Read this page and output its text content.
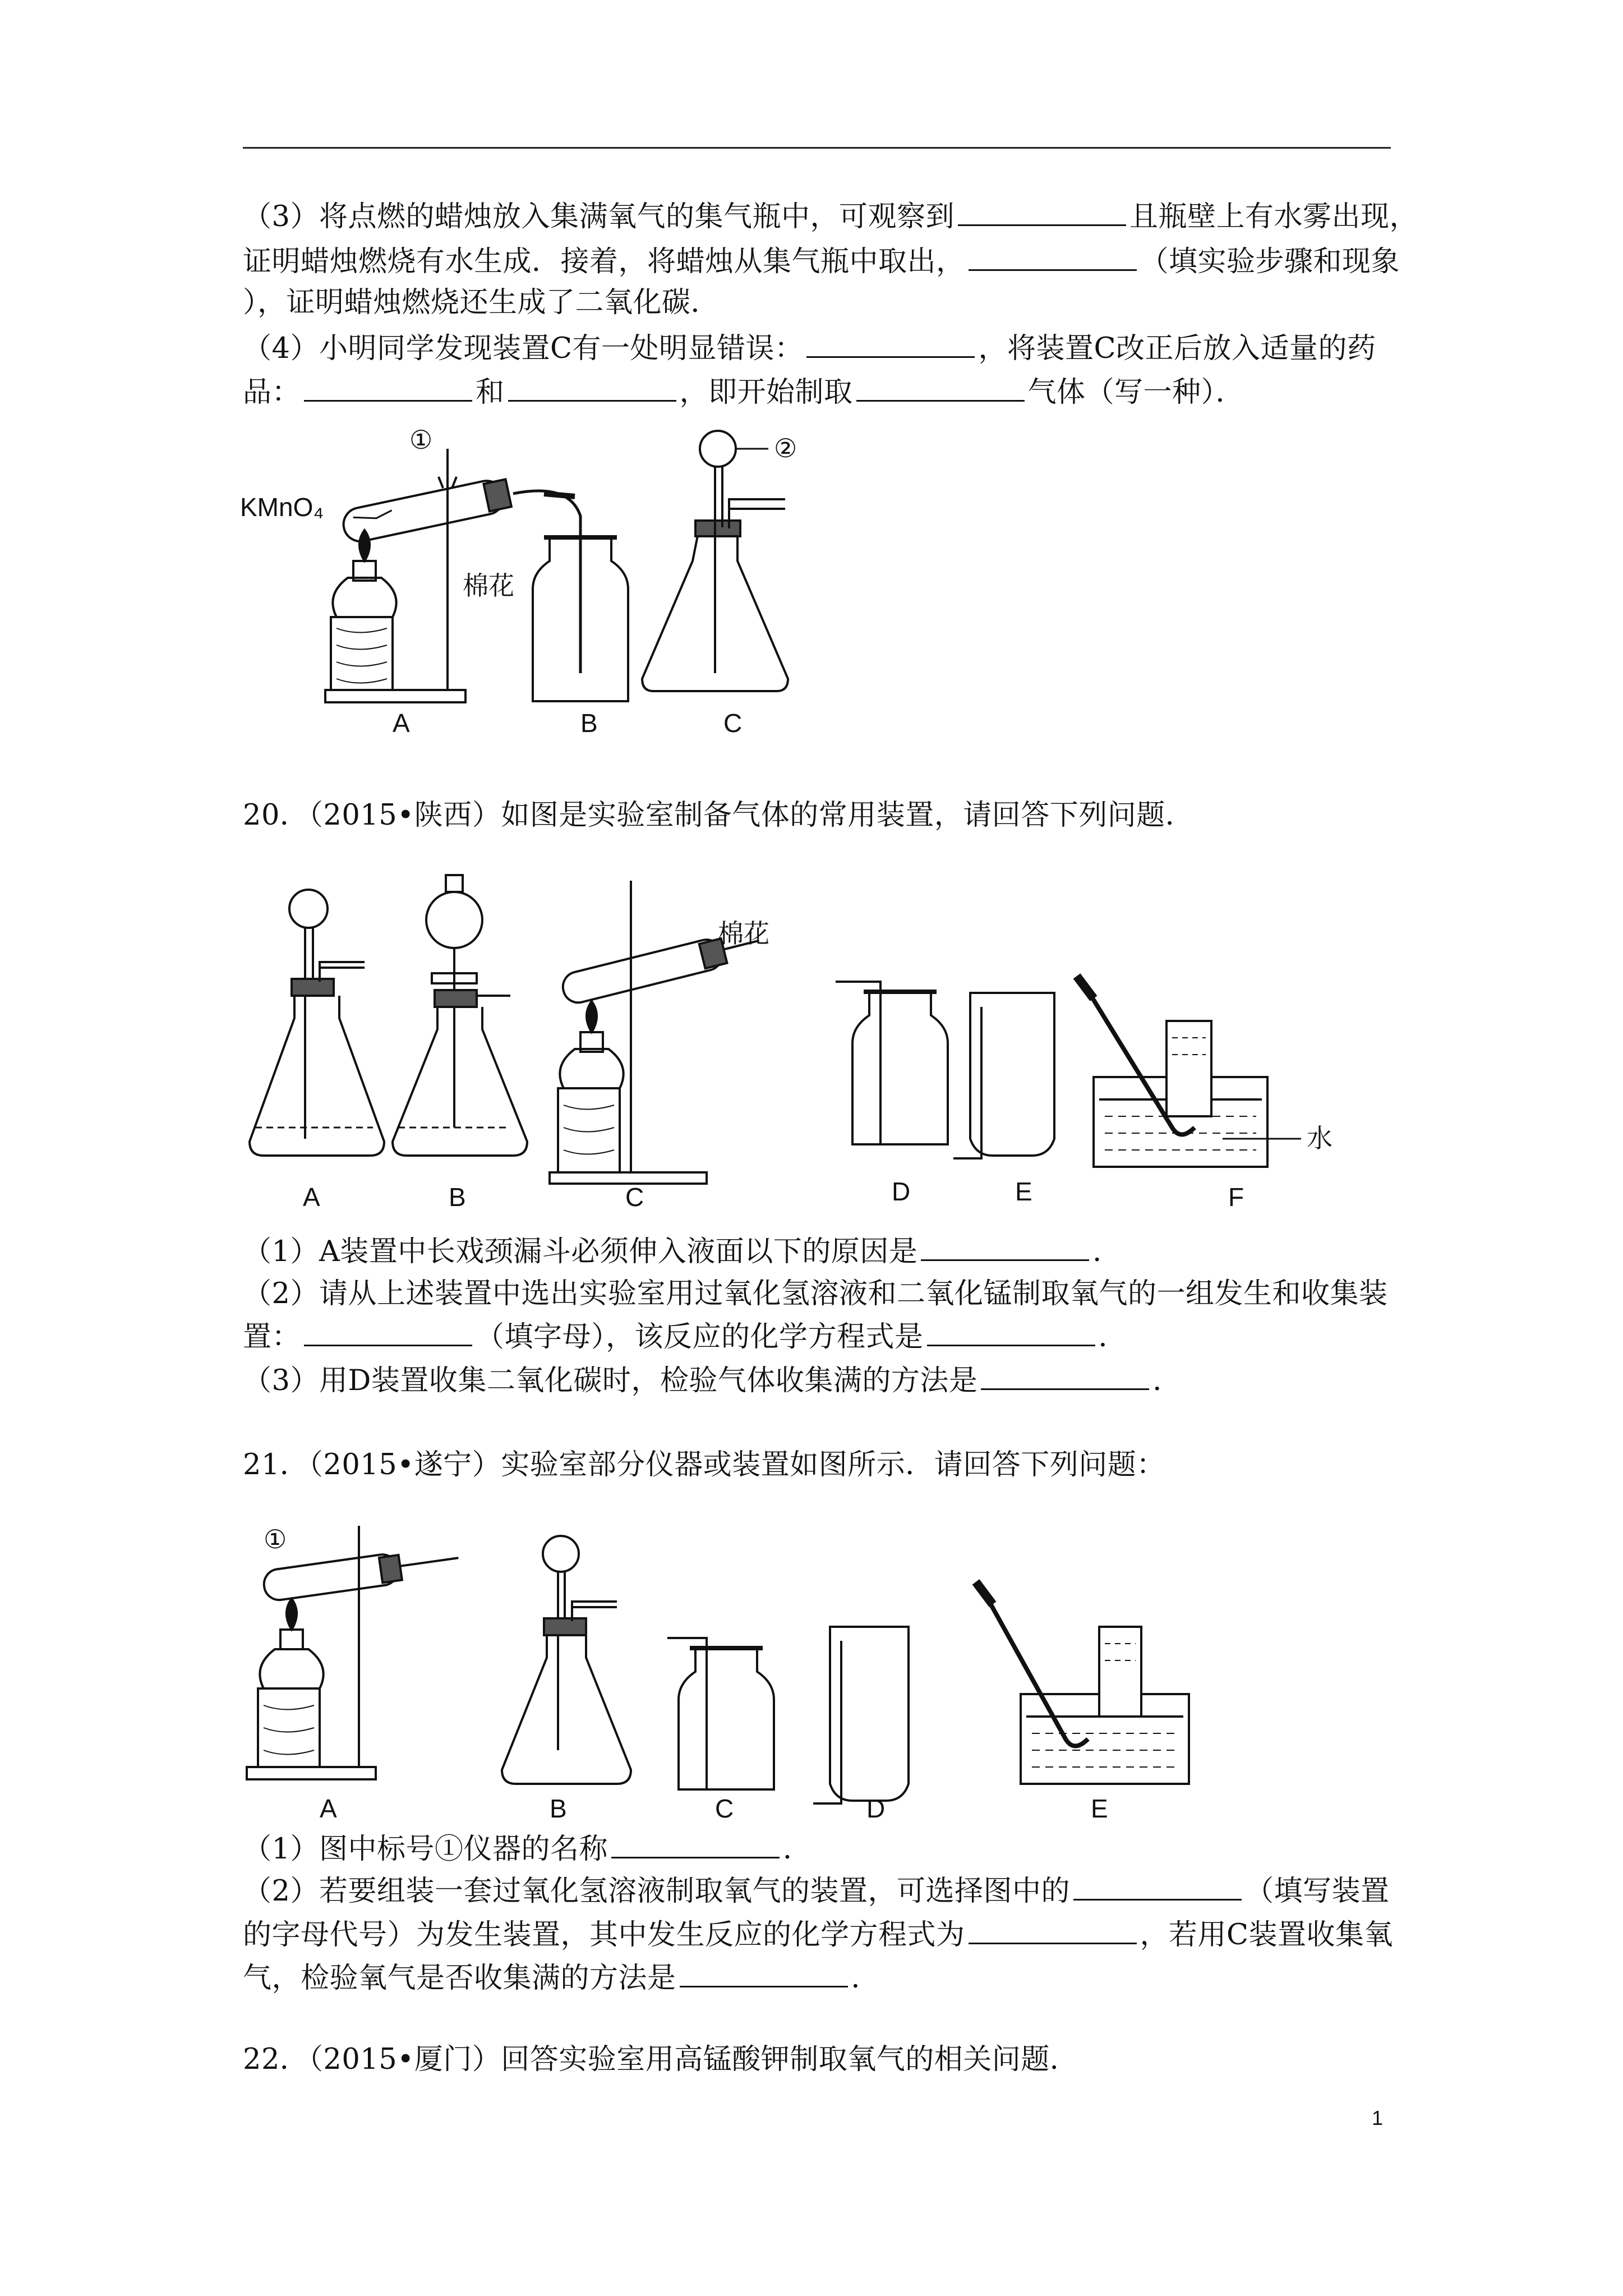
（3）将点燃的蜡烛放入集满氧气的集气瓶中，可观察到	且瓶壁上有水雾出现，
证明蜡烛燃烧有水生成．接着，将蜡烛从集气瓶中取出，	（填实验步骤和现象
），证明蜡烛燃烧还生成了二氧化碳．
（4）小明同学发现装置C有一处明显错误：	，将装置C改正后放入适量的药
品：	和	，即开始制取	气体（写一种）．
①
KMnO₄
棉花
②
A	B	C
20．（2015•陕西）如图是实验室制备气体的常用装置，请回答下列问题．
棉花
水
A	B	C	D	E	F
（1）A装置中长戏颈漏斗必须伸入液面以下的原因是	．
（2）请从上述装置中选出实验室用过氧化氢溶液和二氧化锰制取氧气的一组发生和收集装
置：	（填字母），该反应的化学方程式是	．
（3）用D装置收集二氧化碳时，检验气体收集满的方法是	．
21．（2015•遂宁）实验室部分仪器或装置如图所示．请回答下列问题：
①
A	B	C	D	E
（1）图中标号①仪器的名称	．
（2）若要组装一套过氧化氢溶液制取氧气的装置，可选择图中的	（填写装置
的字母代号）为发生装置，其中发生反应的化学方程式为	，若用C装置收集氧
气，检验氧气是否收集满的方法是	．
22．（2015•厦门）回答实验室用高锰酸钾制取氧气的相关问题．
1
